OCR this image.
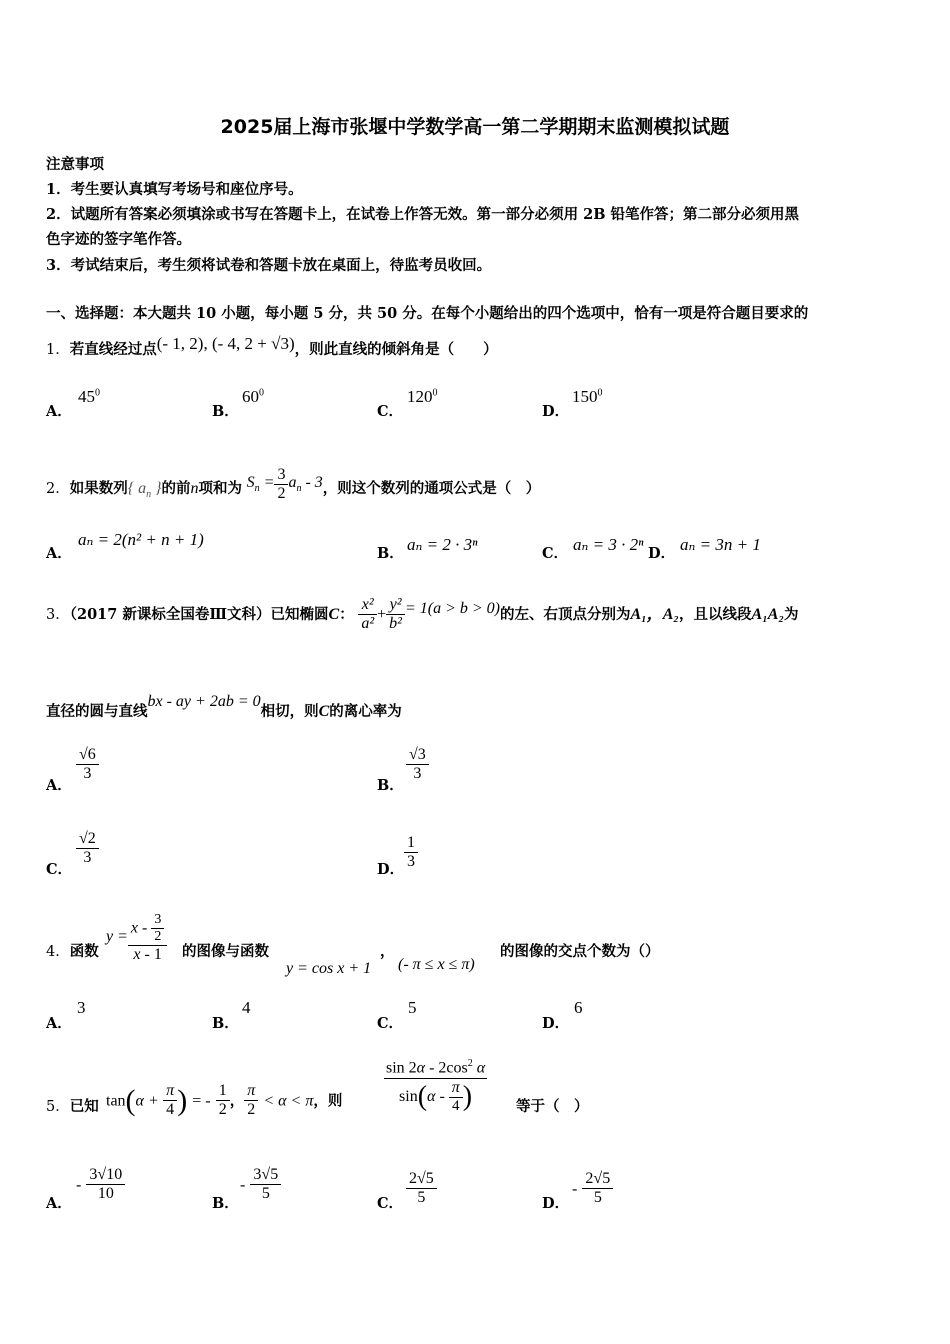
2025届上海市张堰中学数学高一第二学期期末监测模拟试题
注意事项
1．考生要认真填写考场号和座位序号。
2．试题所有答案必须填涂或书写在答题卡上，在试卷上作答无效。第一部分必须用 2B 铅笔作答；第二部分必须用黑
色字迹的签字笔作答。
3．考试结束后，考生须将试卷和答题卡放在桌面上，待监考员收回。
一、选择题：本大题共 10 小题，每小题 5 分，共 50 分。在每个小题给出的四个选项中，恰有一项是符合题目要求的
1．若直线经过点(- 1, 2), (- 4, 2 + √3)，则此直线的倾斜角是（　　）
A．
$45^0$
B．
$60^0$
C．
$120^0$
D．
$150^0$
2．如果数列{ $a_n$ }的前n项和为 $S_n = \frac{3}{2} a_n - 3$，则这个数列的通项公式是（　）
A．
aₙ = 2(n² + n + 1)
B． aₙ = 2 · 3ⁿ	C． aₙ = 3 · 2ⁿ D． aₙ = 3n + 1
3．（2017 新课标全国卷Ⅲ文科）已知椭圆C： $\frac{\text{x²}}{\text{a²}} + \frac{\text{y²}}{\text{b²}} = 1(a > b > 0)$的左、右顶点分别为A₁，A₂，且以线段A₁A₂为
直径的圆与直线bx - ay + 2ab = 0相切，则C的离心率为
A．
$\frac{√6}{3}$
B．
$\frac{√3}{3}$
C．
$\frac{√2}{3}$
D． $\frac{1}{3}$
4．函数
$y = \frac{x - \frac{3}{2}}{x - 1}$ 的图像与函数
y = cos x + 1
，
(- π ≤ x ≤ π)
的图像的交点个数为（）
A．
3
B．
4
C．
5
D．
6
5．已知 $\tan(\alpha + \frac{\pi}{4}$ ) = - $\frac{1}{2}$ ， $\frac{\pi}{2} < \alpha < \pi$，则	$\frac{\sin 2\alpha - 2\cos^2 \alpha}{\sin(\alpha - \frac{\pi}{4} )}$ 等于（　）
A．
- $\frac{3√10}{10}$	B．
- $\frac{3√5}{5}$	C． $\frac{2√5}{5}$	D．
- $\frac{2√5}{5}$
